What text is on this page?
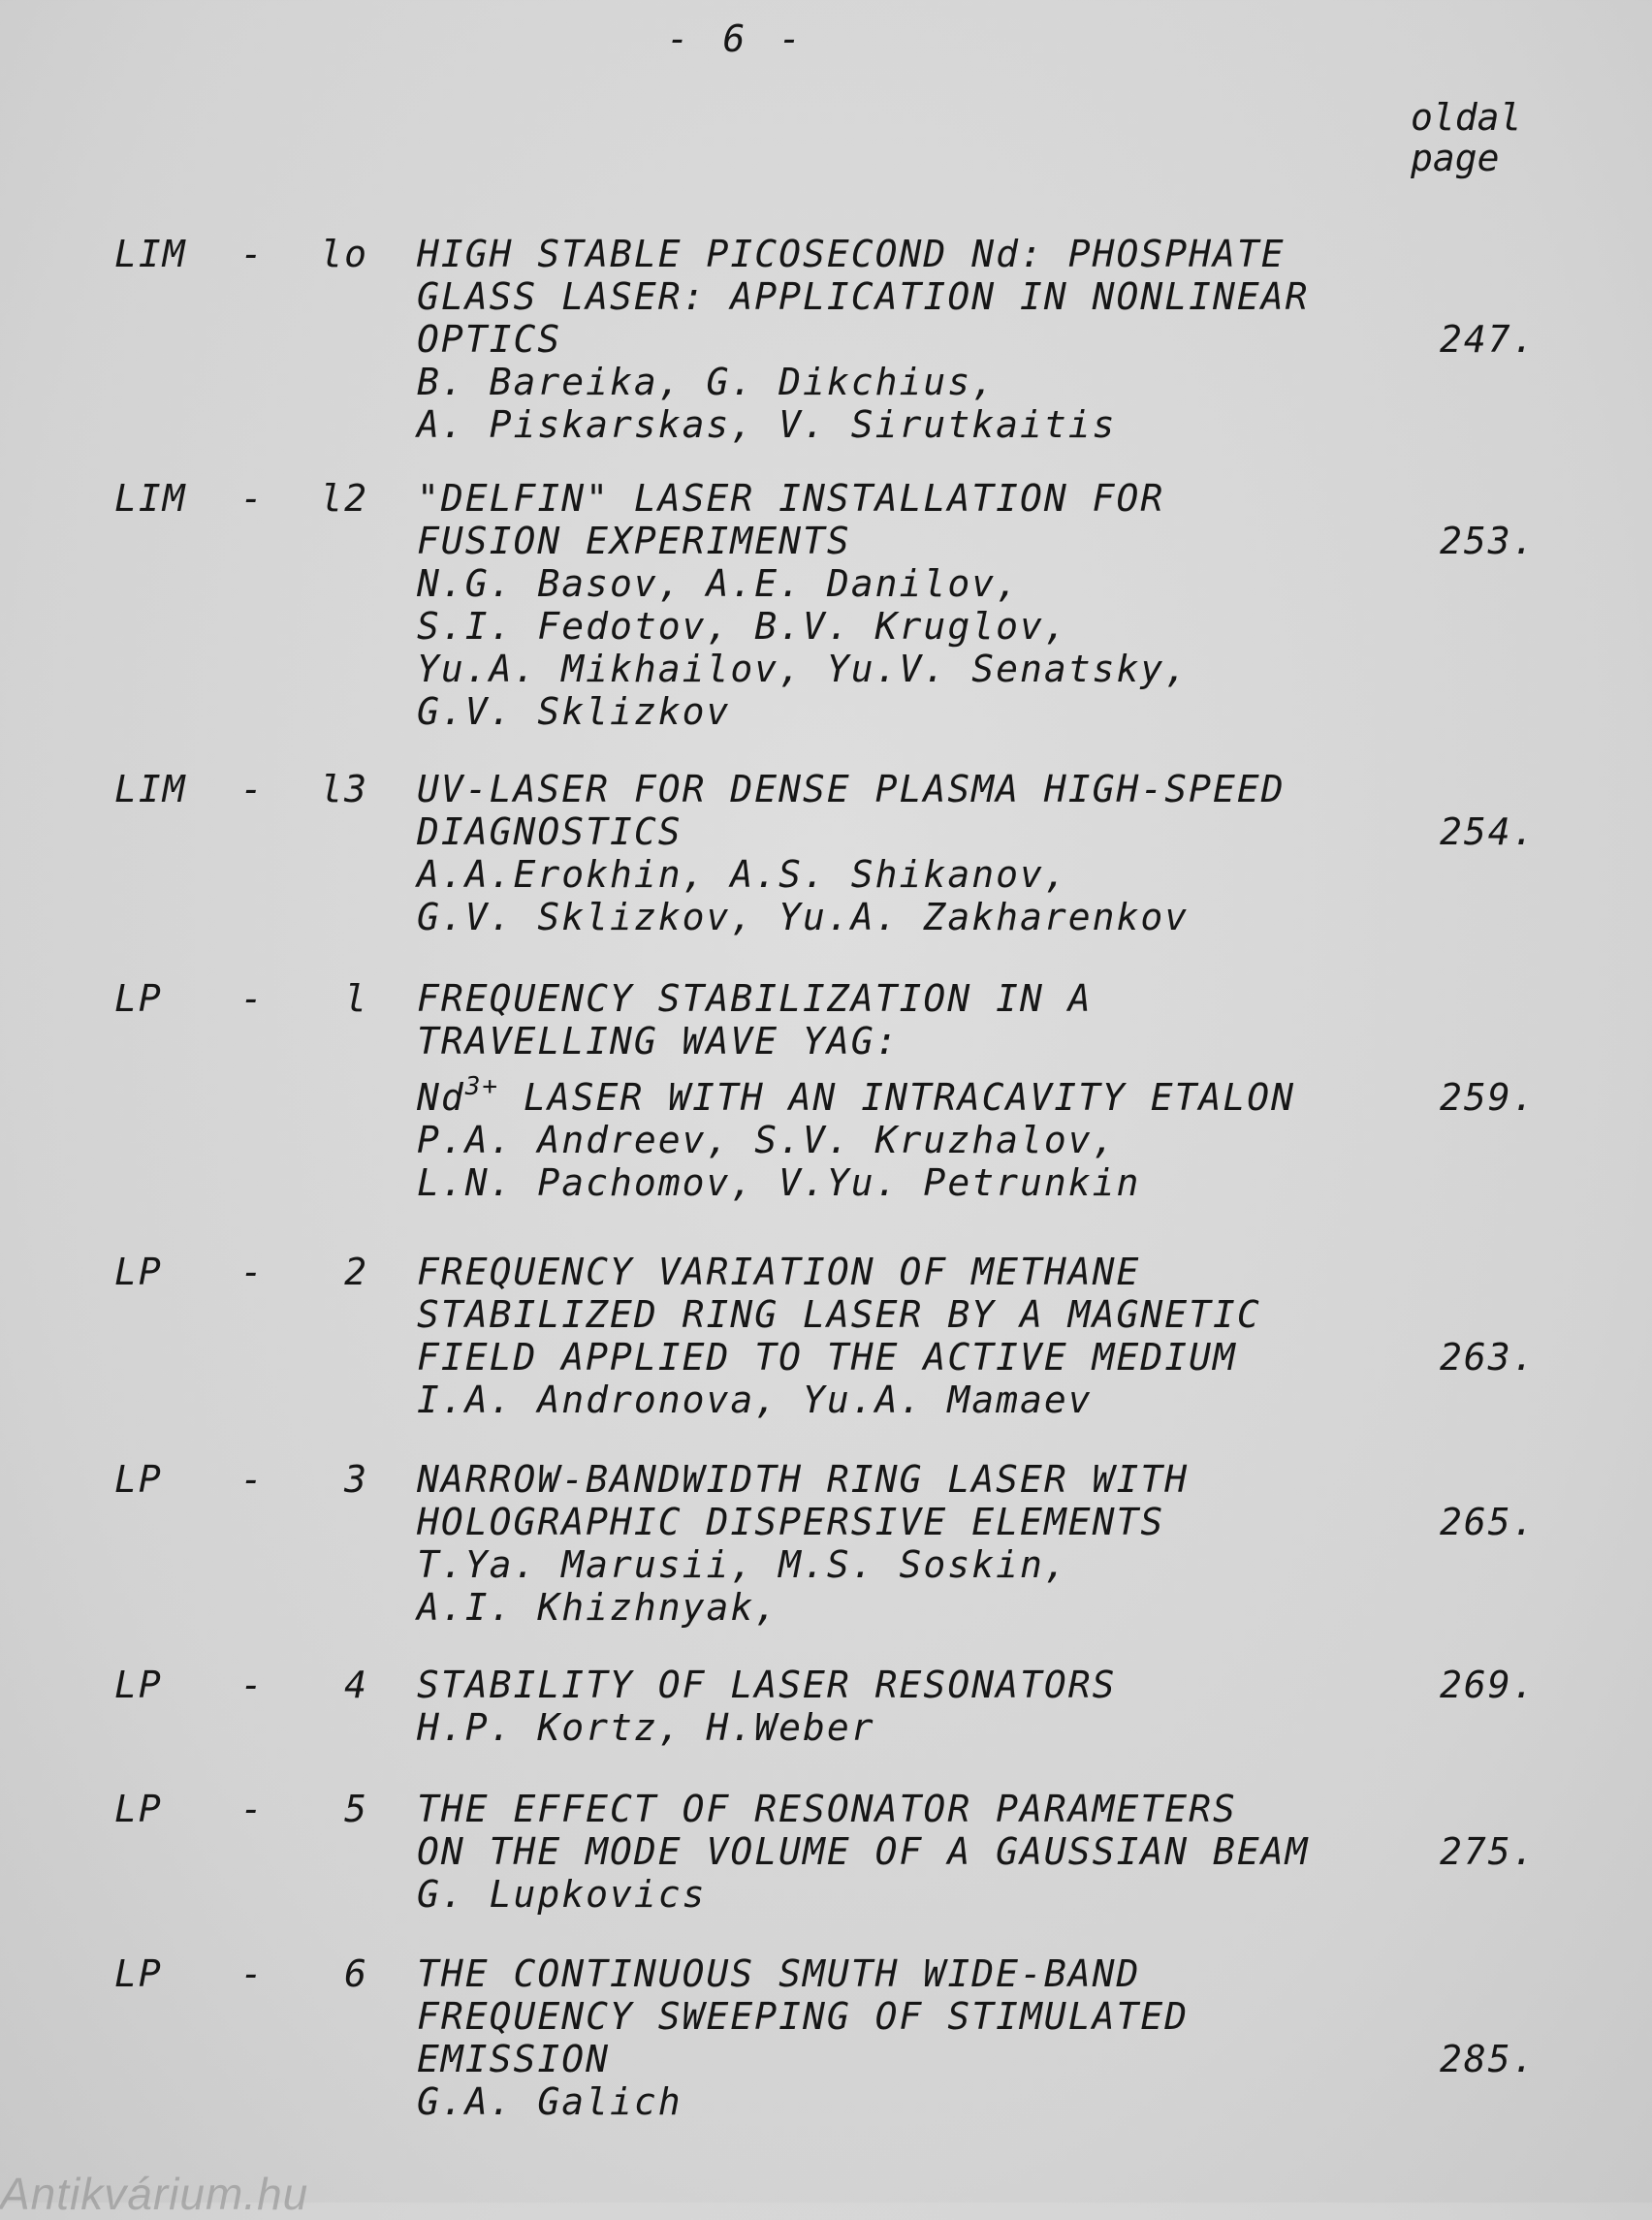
- 6 -
oldal
page
LIM - lo HIGH STABLE PICOSECOND Nd: PHOSPHATE
GLASS LASER: APPLICATION IN NONLINEAR
OPTICS
B. Bareika, G. Dikchius,
A. Piskarskas, V. Sirutkaitis
247.
LIM - l2 "DELFIN" LASER INSTALLATION FOR
FUSION EXPERIMENTS
N.G. Basov, A.E. Danilov,
S.I. Fedotov, B.V. Kruglov,
Yu.A. Mikhailov, Yu.V. Senatsky,
G.V. Sklizkov
253.
LIM - l3 UV-LASER FOR DENSE PLASMA HIGH-SPEED
DIAGNOSTICS
A.A.Erokhin, A.S. Shikanov,
G.V. Sklizkov, Yu.A. Zakharenkov
254.
LP -	l FREQUENCY STABILIZATION IN A
TRAVELLING WAVE YAG:
$Nd^{3+}$ LASER WITH AN INTRACAVITY ETALON
P.A. Andreev, S.V. Kruzhalov,
L.N. Pachomov, V.Yu. Petrunkin
259.
LP -	2 FREQUENCY VARIATION OF METHANE
STABILIZED RING LASER BY A MAGNETIC
FIELD APPLIED TO THE ACTIVE MEDIUM
I.A. Andronova, Yu.A. Mamaev
263.
LP -	3 NARROW-BANDWIDTH RING LASER WITH
HOLOGRAPHIC DISPERSIVE ELEMENTS
T.Ya. Marusii, M.S. Soskin,
A.I. Khizhnyak,
265.
LP -	4 STABILITY OF LASER RESONATORS
H.P. Kortz, H.Weber
269.
LP -	5 THE EFFECT OF RESONATOR PARAMETERS
ON THE MODE VOLUME OF A GAUSSIAN BEAM
G. Lupkovics
275.
LP -	6 THE CONTINUOUS SMUTH WIDE-BAND
FREQUENCY SWEEPING OF STIMULATED
EMISSION
G.A. Galich
285.
Antikvárium.hu
